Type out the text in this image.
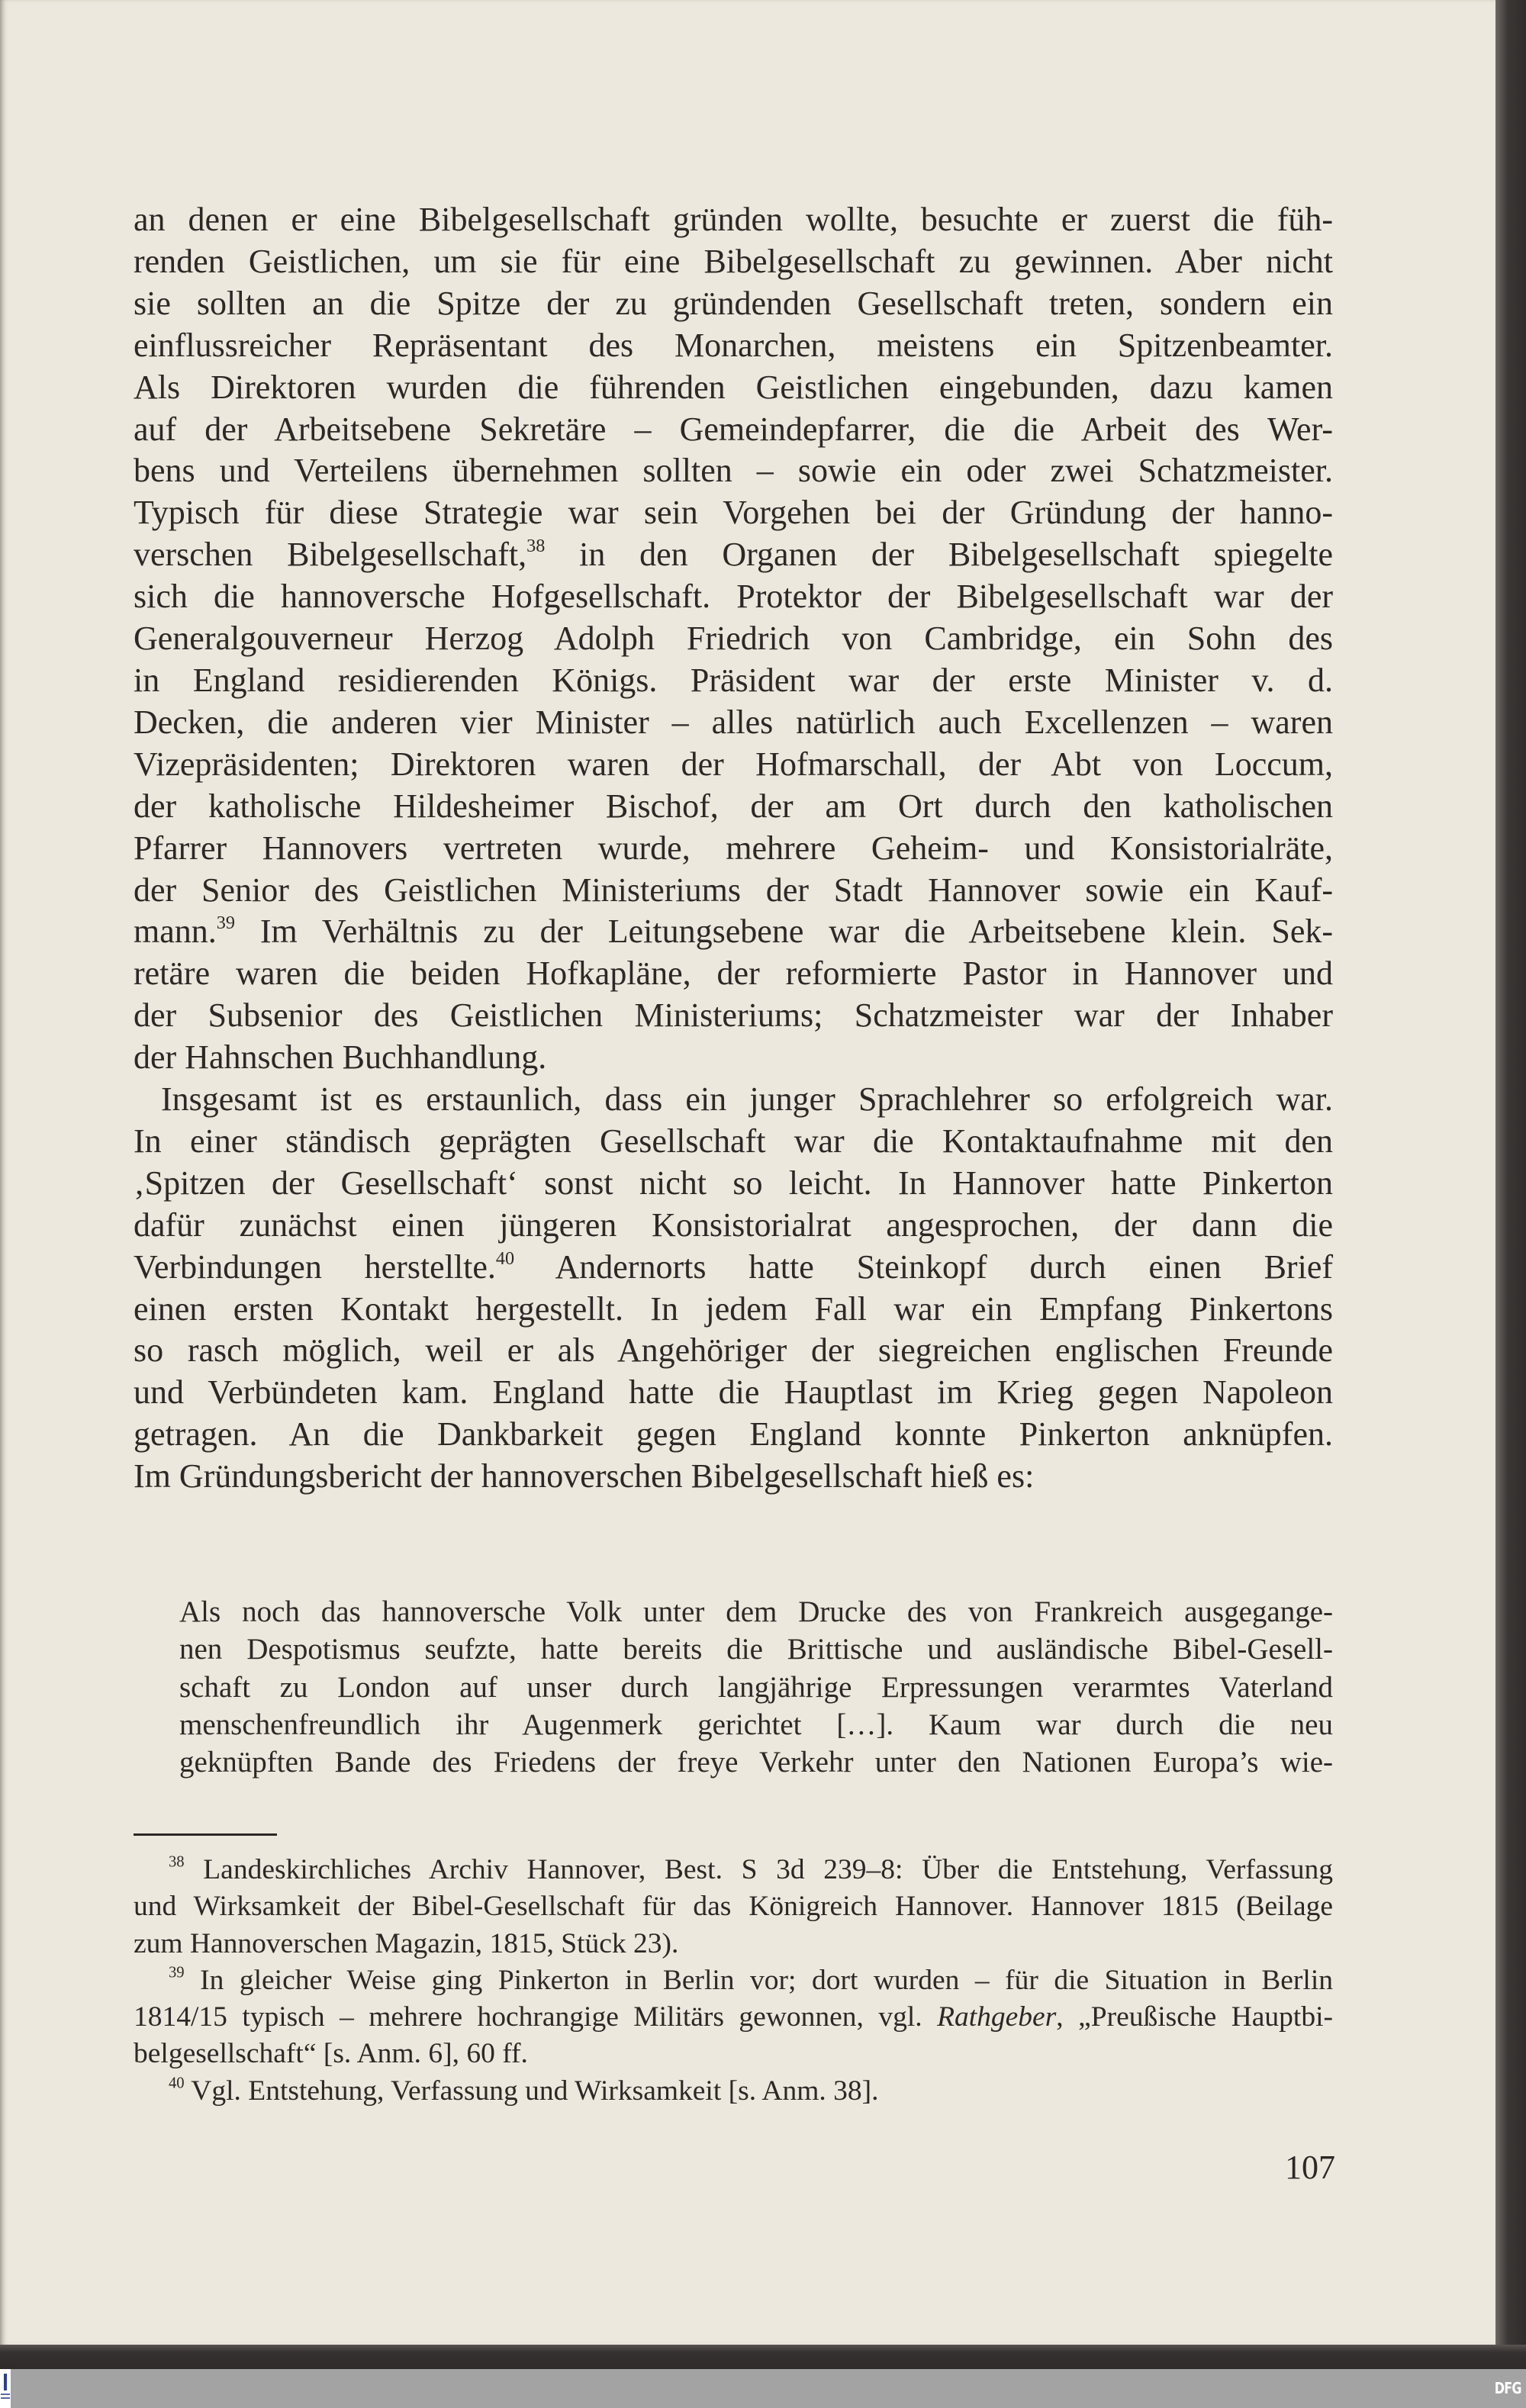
DFG
an denen er eine Bibelgesellschaft gründen wollte, besuchte er zuerst die füh-
renden Geistlichen, um sie für eine Bibelgesellschaft zu gewinnen. Aber nicht
sie sollten an die Spitze der zu gründenden Gesellschaft treten, sondern ein
einflussreicher Repräsentant des Monarchen, meistens ein Spitzenbeamter.
Als Direktoren wurden die führenden Geistlichen eingebunden, dazu kamen
auf der Arbeitsebene Sekretäre – Gemeindepfarrer, die die Arbeit des Wer-
bens und Verteilens übernehmen sollten – sowie ein oder zwei Schatzmeister.
Typisch für diese Strategie war sein Vorgehen bei der Gründung der hanno-
verschen Bibelgesellschaft,$^{38}$ in den Organen der Bibelgesellschaft spiegelte
sich die hannoversche Hofgesellschaft. Protektor der Bibelgesellschaft war der
Generalgouverneur Herzog Adolph Friedrich von Cambridge, ein Sohn des
in England residierenden Königs. Präsident war der erste Minister v. d.
Decken, die anderen vier Minister – alles natürlich auch Excellenzen – waren
Vizepräsidenten; Direktoren waren der Hofmarschall, der Abt von Loccum,
der katholische Hildesheimer Bischof, der am Ort durch den katholischen
Pfarrer Hannovers vertreten wurde, mehrere Geheim- und Konsistorialräte,
der Senior des Geistlichen Ministeriums der Stadt Hannover sowie ein Kauf-
mann.$^{39}$ Im Verhältnis zu der Leitungsebene war die Arbeitsebene klein. Sek-
retäre waren die beiden Hofkapläne, der reformierte Pastor in Hannover und
der Subsenior des Geistlichen Ministeriums; Schatzmeister war der Inhaber
der Hahnschen Buchhandlung.
Insgesamt ist es erstaunlich, dass ein junger Sprachlehrer so erfolgreich war.
In einer ständisch geprägten Gesellschaft war die Kontaktaufnahme mit den
‚Spitzen der Gesellschaft‘ sonst nicht so leicht. In Hannover hatte Pinkerton
dafür zunächst einen jüngeren Konsistorialrat angesprochen, der dann die
Verbindungen herstellte.$^{40}$ Andernorts hatte Steinkopf durch einen Brief
einen ersten Kontakt hergestellt. In jedem Fall war ein Empfang Pinkertons
so rasch möglich, weil er als Angehöriger der siegreichen englischen Freunde
und Verbündeten kam. England hatte die Hauptlast im Krieg gegen Napoleon
getragen. An die Dankbarkeit gegen England konnte Pinkerton anknüpfen.
Im Gründungsbericht der hannoverschen Bibelgesellschaft hieß es:
Als noch das hannoversche Volk unter dem Drucke des von Frankreich ausgegange-
nen Despotismus seufzte, hatte bereits die Brittische und ausländische Bibel-Gesell-
schaft zu London auf unser durch langjährige Erpressungen verarmtes Vaterland
menschenfreundlich ihr Augenmerk gerichtet […]. Kaum war durch die neu
geknüpften Bande des Friedens der freye Verkehr unter den Nationen Europa’s wie-
$^{38}$ Landeskirchliches Archiv Hannover, Best. S 3d 239–8: Über die Entstehung, Verfassung
und Wirksamkeit der Bibel-Gesellschaft für das Königreich Hannover. Hannover 1815 (Beilage
zum Hannoverschen Magazin, 1815, Stück 23).
$^{39}$ In gleicher Weise ging Pinkerton in Berlin vor; dort wurden – für die Situation in Berlin
1814/15 typisch – mehrere hochrangige Militärs gewonnen, vgl. Rathgeber, „Preußische Hauptbi-
belgesellschaft“ [s. Anm. 6], 60 ff.
$^{40}$ Vgl. Entstehung, Verfassung und Wirksamkeit [s. Anm. 38].
107
